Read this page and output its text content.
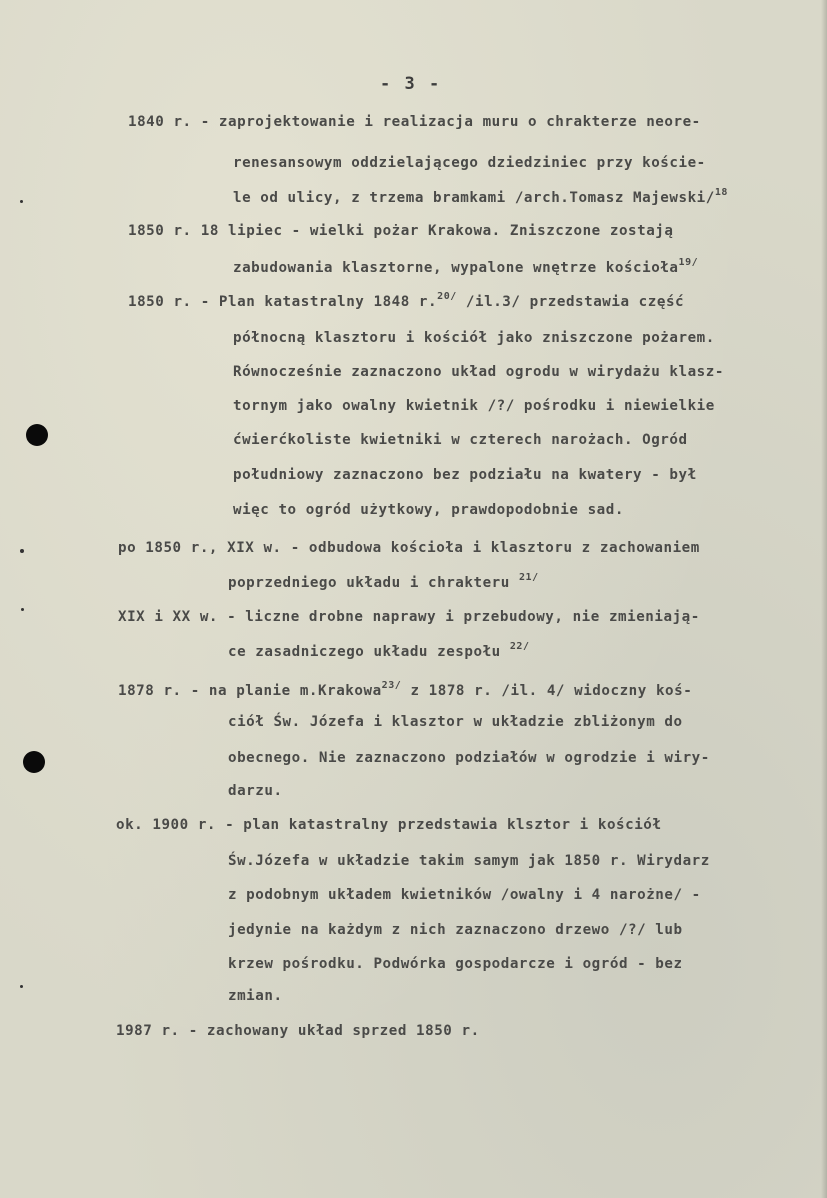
- 3 -
1840 r. - zaprojektowanie i realizacja muru o chrakterze neore-
renesansowym oddzielającego dziedziniec przy koście-
le od ulicy, z trzema bramkami /arch.Tomasz Majewski/$^{18}$
1850 r. 18 lipiec - wielki pożar Krakowa. Zniszczone zostają
zabudowania klasztorne, wypalone wnętrze kościoła$^{19/}$
1850 r. - Plan katastralny 1848 r.$^{20/}$ /il.3/ przedstawia część
północną klasztoru i kościół jako zniszczone pożarem.
Równocześnie zaznaczono układ ogrodu w wirydażu klasz-
tornym jako owalny kwietnik /?/ pośrodku i niewielkie
ćwierćkoliste kwietniki w czterech narożach. Ogród
południowy zaznaczono bez podziału na kwatery - był
więc to ogród użytkowy, prawdopodobnie sad.
po 1850 r., XIX w. - odbudowa kościoła i klasztoru z zachowaniem
poprzedniego układu i chrakteru $^{21/}$
XIX i XX w. - liczne drobne naprawy i przebudowy, nie zmieniają-
ce zasadniczego układu zespołu $^{22/}$
1878 r. - na planie m.Krakowa$^{23/}$ z 1878 r. /il. 4/ widoczny koś-
ciół Św. Józefa i klasztor w układzie zbliżonym do
obecnego. Nie zaznaczono podziałów w ogrodzie i wiry-
darzu.
ok. 1900 r. - plan katastralny przedstawia klsztor i kościół
Św.Józefa w układzie takim samym jak 1850 r. Wirydarz
z podobnym układem kwietników /owalny i 4 narożne/ -
jedynie na każdym z nich zaznaczono drzewo /?/ lub
krzew pośrodku. Podwórka gospodarcze i ogród - bez
zmian.
1987 r. - zachowany układ sprzed 1850 r.
